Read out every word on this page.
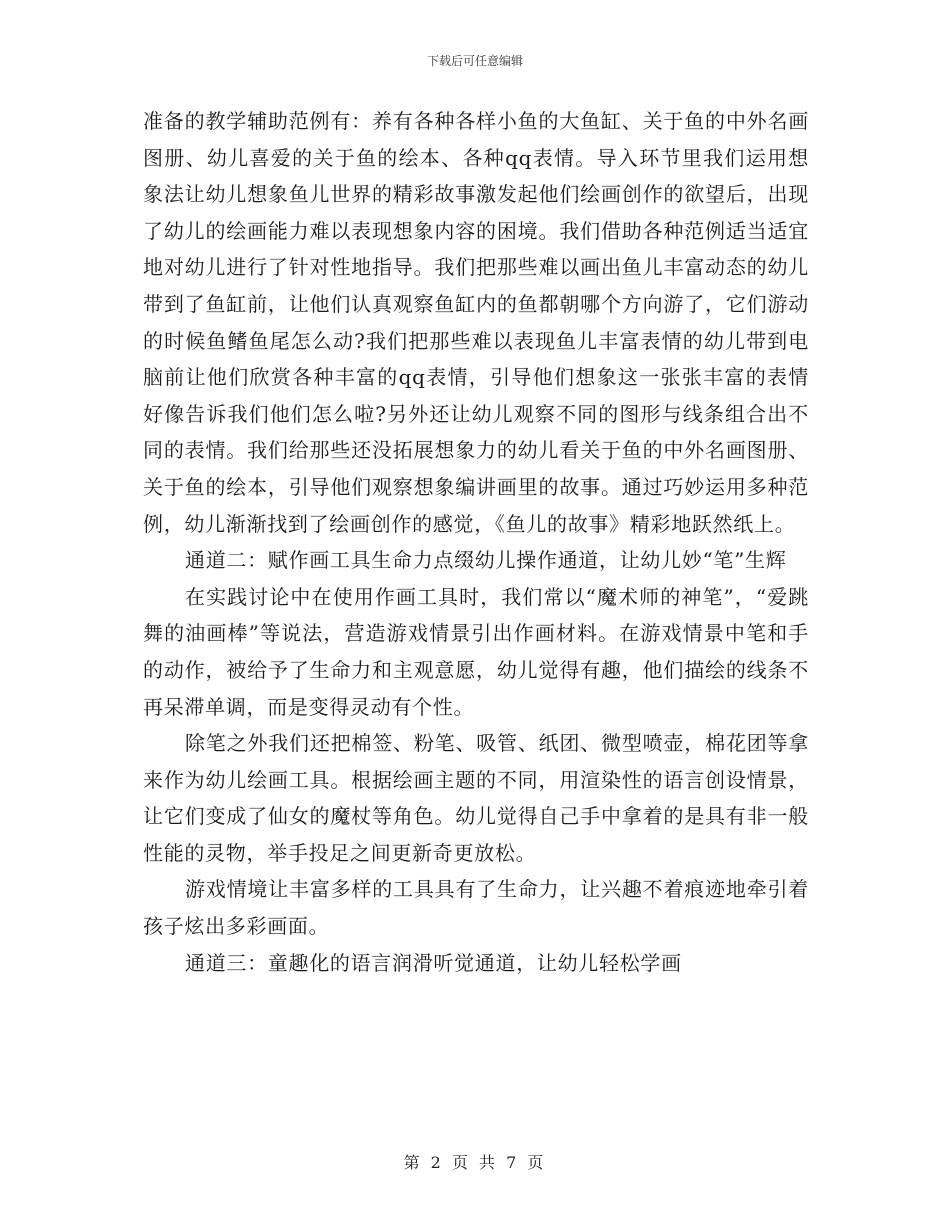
下载后可任意编辑

准备的教学辅助范例有：养有各种各样小鱼的大鱼缸、关于鱼的中外名画图册、幼儿喜爱的关于鱼的绘本、各种qq表情。导入环节里我们运用想象法让幼儿想象鱼儿世界的精彩故事激发起他们绘画创作的欲望后，出现了幼儿的绘画能力难以表现想象内容的困境。我们借助各种范例适当适宜地对幼儿进行了针对性地指导。我们把那些难以画出鱼儿丰富动态的幼儿带到了鱼缸前，让他们认真观察鱼缸内的鱼都朝哪个方向游了，它们游动的时候鱼鳍鱼尾怎么动?我们把那些难以表现鱼儿丰富表情的幼儿带到电脑前让他们欣赏各种丰富的qq表情，引导他们想象这一张张丰富的表情好像告诉我们他们怎么啦?另外还让幼儿观察不同的图形与线条组合出不同的表情。我们给那些还没拓展想象力的幼儿看关于鱼的中外名画图册、关于鱼的绘本，引导他们观察想象编讲画里的故事。通过巧妙运用多种范例，幼儿渐渐找到了绘画创作的感觉，《鱼儿的故事》精彩地跃然纸上。

通道二：赋作画工具生命力点缀幼儿操作通道，让幼儿妙“笔”生辉

在实践讨论中在使用作画工具时，我们常以“魔术师的神笔”，“爱跳舞的油画棒”等说法，营造游戏情景引出作画材料。在游戏情景中笔和手的动作，被给予了生命力和主观意愿，幼儿觉得有趣，他们描绘的线条不再呆滞单调，而是变得灵动有个性。

除笔之外我们还把棉签、粉笔、吸管、纸团、微型喷壶，棉花团等拿来作为幼儿绘画工具。根据绘画主题的不同，用渲染性的语言创设情景，让它们变成了仙女的魔杖等角色。幼儿觉得自己手中拿着的是具有非一般性能的灵物，举手投足之间更新奇更放松。

游戏情境让丰富多样的工具具有了生命力，让兴趣不着痕迹地牵引着孩子炫出多彩画面。

通道三：童趣化的语言润滑听觉通道，让幼儿轻松学画

第 2 页 共 7 页
